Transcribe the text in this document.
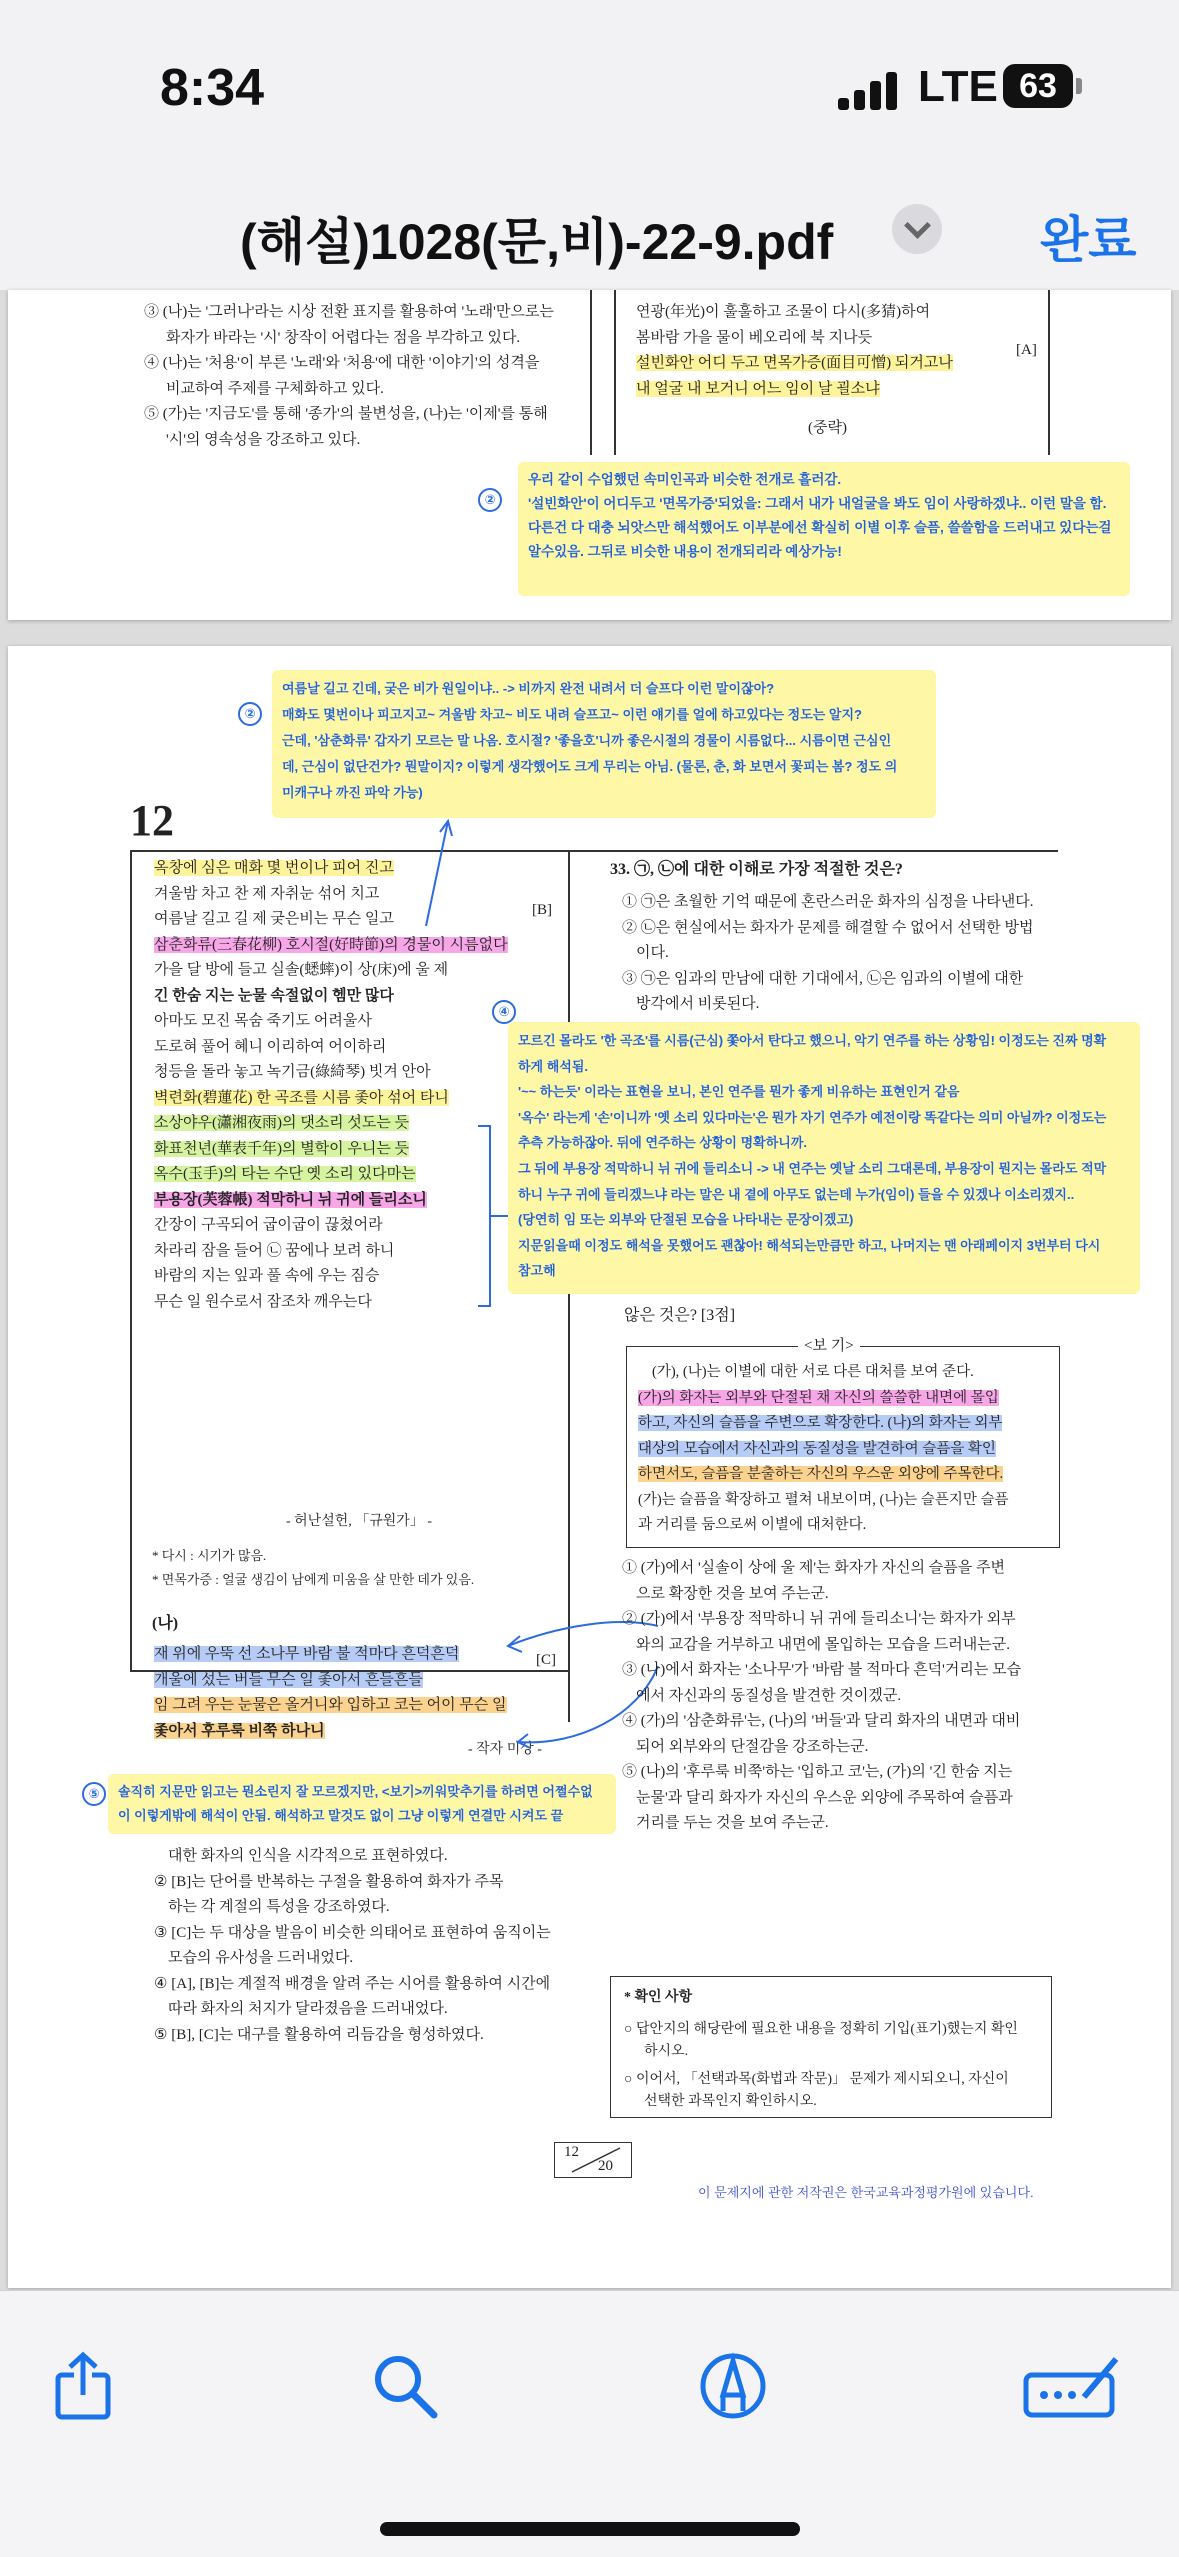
8:34	LTE 63
(해설)1028(문,비)-22-9.pdf	완료
③ (나)는 '그러나'라는 시상 전환 표지를 활용하여 '노래'만으로는
화자가 바라는 '시' 창작이 어렵다는 점을 부각하고 있다.
④ (나)는 '처용'이 부른 '노래'와 '처용'에 대한 '이야기'의 성격을
비교하여 주제를 구체화하고 있다.
⑤ (가)는 '지금도'를 통해 '종가'의 불변성을, (나)는 '이제'를 통해
'시'의 영속성을 강조하고 있다.
연광(年光)이 훌훌하고 조물이 다시(多猜)하여
봄바람 가을 물이 베오리에 북 지나듯
설빈화안 어디 두고 면목가증(面目可憎) 되거고나
내 얼굴 내 보거니 어느 임이 날 괼소냐
[A]
(중략)
②
우리 같이 수업했던 속미인곡과 비슷한 전개로 흘러감.
'설빈화안'이 어디두고 '면목가증'되었을: 그래서 내가 내얼굴을 봐도 임이 사랑하겠냐.. 이런 말을 함.
다른건 다 대충 뇌앗스만 해석했어도 이부분에선 확실히 이별 이후 슬픔, 쓸쓸함을 드러내고 있다는걸
알수있음. 그뒤로 비슷한 내용이 전개되리라 예상가능!
②
여름날 길고 긴데, 궂은 비가 원일이냐.. -> 비까지 완전 내려서 더 슬프다 이런 말이잖아?
매화도 몇번이나 피고지고~ 겨울밤 차고~ 비도 내려 슬프고~ 이런 얘기를 얼에 하고있다는 정도는 알지?
근데, '삼춘화류' 갑자기 모르는 말 나옴. 호시절? '좋을호'니까 좋은시절의 경물이 시름없다... 시름이면 근심인
데, 근심이 없단건가? 뭔말이지? 이렇게 생각했어도 크게 무리는 아님. (물론, 춘, 화 보면서 꽃피는 봄? 정도 의
미캐구나 까진 파악 가능)
12
옥창에 심은 매화 몇 번이나 피어 진고
겨울밤 차고 찬 제 자취눈 섞어 치고
여름날 길고 길 제 궂은비는 무슨 일고
삼춘화류(三春花柳) 호시절(好時節)의 경물이 시름없다
가을 달 방에 들고 실솔(蟋蟀)이 상(床)에 울 제
긴 한숨 지는 눈물 속절없이 헴만 많다
아마도 모진 목숨 죽기도 어려울사
도로혀 풀어 혜니 이리하여 어이하리
청등을 돌라 놓고 녹기금(綠綺琴) 빗겨 안아
벽련화(碧蓮花) 한 곡조를 시름 좇아 섞어 타니
소상야우(瀟湘夜雨)의 댓소리 섯도는 듯
화표천년(華表千年)의 별학이 우니는 듯
옥수(玉手)의 타는 수단 옛 소리 있다마는
부용장(芙蓉帳) 적막하니 뉘 귀에 들리소니
간장이 구곡되어 굽이굽이 끊쳤어라
차라리 잠을 들어 ㉡ 꿈에나 보려 하니
바람의 지는 잎과 풀 속에 우는 짐승
무슨 일 원수로서 잠조차 깨우는다
[B]
- 허난설헌, 「규원가」 -
* 다시 : 시기가 많음.
* 면목가증 : 얼굴 생김이 남에게 미움을 살 만한 데가 있음.
(나)
재 위에 우뚝 선 소나무 바람 불 적마다 흔덕흔덕
개울에 섰는 버들 무슨 일 좇아서 흔들흔들
임 그려 우는 눈물은 올거니와 입하고 코는 어이 무슨 일
좇아서 후루룩 비쭉 하나니
[C]
- 작자 미상 -
⑤	솔직히 지문만 읽고는 뭔소린지 잘 모르겠지만, <보기>끼워맞추기를 하려면 어쩔수없
이 이렇게밖에 해석이 안됨. 해석하고 말것도 없이 그냥 이렇게 연결만 시켜도 끝
대한 화자의 인식을 시각적으로 표현하였다.
② [B]는 단어를 반복하는 구절을 활용하여 화자가 주목
하는 각 계절의 특성을 강조하였다.
③ [C]는 두 대상을 발음이 비슷한 의태어로 표현하여 움직이는
모습의 유사성을 드러내었다.
④ [A], [B]는 계절적 배경을 알려 주는 시어를 활용하여 시간에
따라 화자의 처지가 달라졌음을 드러내었다.
⑤ [B], [C]는 대구를 활용하여 리듬감을 형성하였다.
33. ㉠, ㉡에 대한 이해로 가장 적절한 것은?
① ㉠은 초월한 기억 때문에 혼란스러운 화자의 심정을 나타낸다.
② ㉡은 현실에서는 화자가 문제를 해결할 수 없어서 선택한 방법
이다.
③ ㉠은 임과의 만남에 대한 기대에서, ㉡은 임과의 이별에 대한
방각에서 비롯된다.
④
모르긴 몰라도 '한 곡조'를 시름(근심) 쫓아서 탄다고 했으니, 악기 연주를 하는 상황임! 이정도는 진짜 명확
하게 해석됨.
'~~ 하는듯' 이라는 표현을 보니, 본인 연주를 뭔가 좋게 비유하는 표현인거 같음
'옥수' 라는게 '손'이니까 '옛 소리 있다마는'은 뭔가 자기 연주가 예전이랑 똑같다는 의미 아닐까? 이정도는
추측 가능하잖아. 뒤에 연주하는 상황이 명확하니까.
그 뒤에 부용장 적막하니 뉘 귀에 들리소니 -> 내 연주는 옛날 소리 그대론데, 부용장이 뭔지는 몰라도 적막
하니 누구 귀에 들리겠느냐 라는 말은 내 곁에 아무도 없는데 누가(임이) 들을 수 있겠나 이소리겠지..
(당연히 임 또는 외부와 단절된 모습을 나타내는 문장이겠고)
지문읽을때 이정도 해석을 못했어도 괜찮아! 해석되는만큼만 하고, 나머지는 맨 아래페이지 3번부터 다시
참고해
않은 것은? [3점]
<보 기>
(가), (나)는 이별에 대한 서로 다른 대처를 보여 준다.
(가)의 화자는 외부와 단절된 채 자신의 쓸쓸한 내면에 몰입
하고, 자신의 슬픔을 주변으로 확장한다. (나)의 화자는 외부
대상의 모습에서 자신과의 동질성을 발견하여 슬픔을 확인
하면서도, 슬픔을 분출하는 자신의 우스운 외양에 주목한다.
(가)는 슬픔을 확장하고 펼쳐 내보이며, (나)는 슬픈지만 슬픔
과 거리를 둠으로써 이별에 대처한다.
① (가)에서 '실솔이 상에 울 제'는 화자가 자신의 슬픔을 주변
으로 확장한 것을 보여 주는군.
② (가)에서 '부용장 적막하니 뉘 귀에 들리소니'는 화자가 외부
와의 교감을 거부하고 내면에 몰입하는 모습을 드러내는군.
③ (나)에서 화자는 '소나무'가 '바람 불 적마다 흔덕'거리는 모습
에서 자신과의 동질성을 발견한 것이겠군.
④ (가)의 '삼춘화류'는, (나)의 '버들'과 달리 화자의 내면과 대비
되어 외부와의 단절감을 강조하는군.
⑤ (나)의 '후루룩 비쭉'하는 '입하고 코'는, (가)의 '긴 한숨 지는
눈물'과 달리 화자가 자신의 우스운 외양에 주목하여 슬픔과
거리를 두는 것을 보여 주는군.
* 확인 사항
○ 답안지의 해당란에 필요한 내용을 정확히 기입(표기)했는지 확인
하시오.
○ 이어서, 「선택과목(화법과 작문)」 문제가 제시되오니, 자신이
선택한 과목인지 확인하시오.
12
20
이 문제지에 관한 저작권은 한국교육과정평가원에 있습니다.
